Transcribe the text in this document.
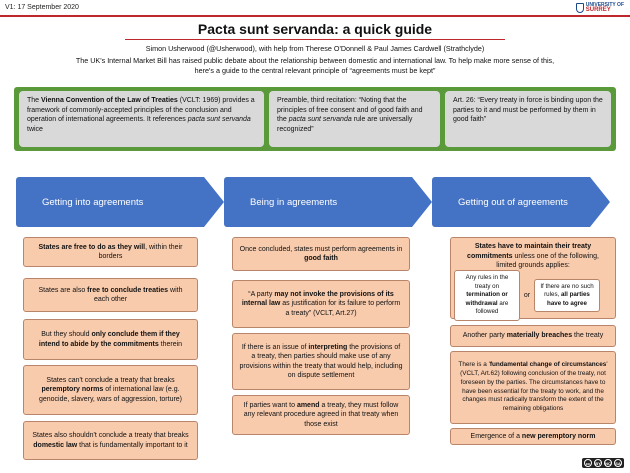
V1: 17 September 2020	UNIVERSITY OF
SURREY
Pacta sunt servanda: a quick guide
Simon Usherwood (@Usherwood), with help from Therese O'Donnell & Paul James Cardwell (Strathclyde)
The UK's Internal Market Bill has raised public debate about the relationship between domestic and international law. To help make more sense of this, here's a guide to the central relevant principle of “agreements must be kept”
The Vienna Convention of the Law of Treaties (VCLT: 1969) provides a framework of commonly-accepted principles of the conclusion and operation of international agreements. It references pacta sunt servanda twice
Preamble, third recitation: “Noting that the principles of free consent and of good faith and the pacta sunt servanda rule are universally recognized”
Art. 26: “Every treaty in force is binding upon the parties to it and must be performed by them in good faith”
Getting into agreements	Being in agreements	Getting out of agreements
States are free to do as they will, within their borders
States are also free to conclude treaties with each other
But they should only conclude them if they intend to abide by the commitments therein
States can't conclude a treaty that breaks peremptory norms of international law (e.g. genocide, slavery, wars of aggression, torture)
States also shouldn't conclude a treaty that breaks domestic law that is fundamentally important to it
Once concluded, states must perform agreements in good faith
“A party may not invoke the provisions of its internal law as justification for its failure to perform a treaty” (VCLT, Art.27)
If there is an issue of interpreting the provisions of a treaty, then parties should make use of any provisions within the treaty that would help, including on dispute settlement
If parties want to amend a treaty, they must follow any relevant procedure agreed in that treaty when those exist
States have to maintain their treaty commitments unless one of the following, limited grounds applies:
Any rules in the treaty on termination or withdrawal are followed
or
If there are no such rules, all parties have to agree
Another party materially breaches the treaty
There is a 'fundamental change of circumstances' (VCLT, Art.62) following conclusion of the treaty, not foreseen by the parties. The circumstances have to have been essential for the treaty to work, and the changes must radically transform the extent of the remaining obligations
Emergence of a new peremptory norm
cc	BY	NC	SA
